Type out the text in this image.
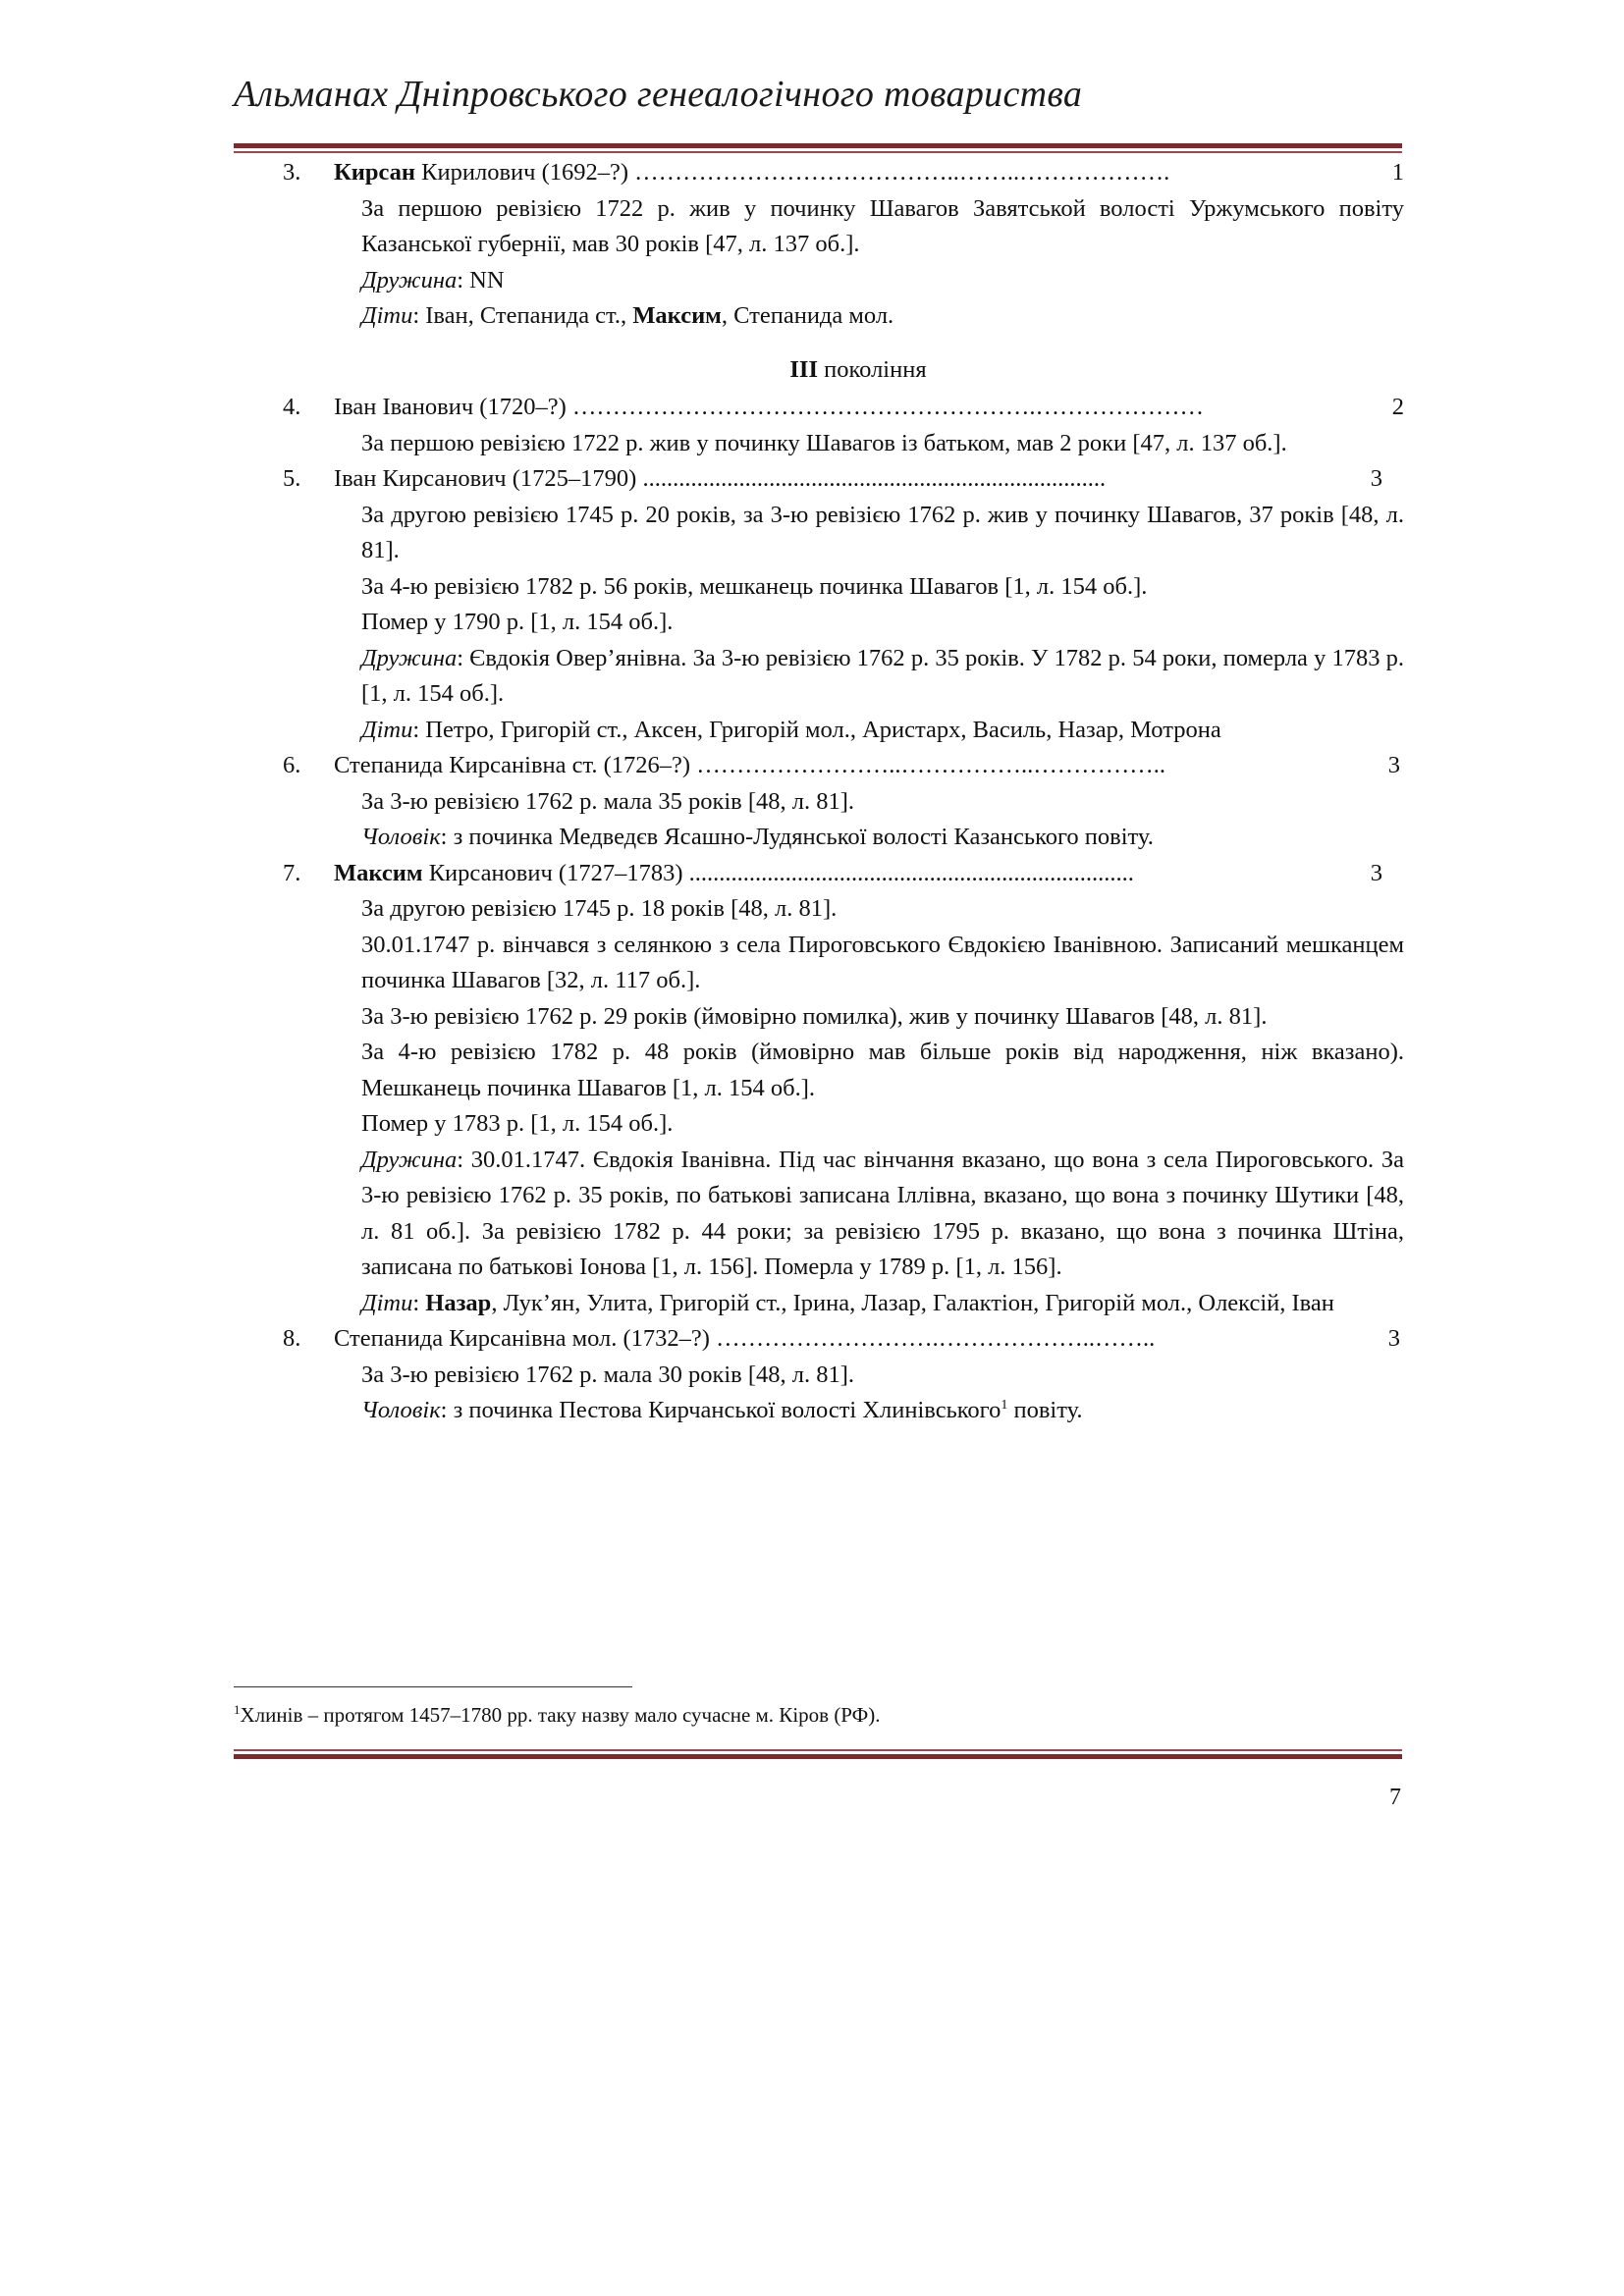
Альманах Дніпровського генеалогічного товариства
3. Кирсан Кирилович (1692–?) …………………………………..……..……………….	1
За першою ревізією 1722 р. жив у починку Шавагов Завятськой волості Уржумського повіту Казанської губернії, мав 30 років [47, л. 137 об.].
Дружина: NN
Діти: Іван, Степанида ст., Максим, Степанида мол.
III покоління
4. Іван Іванович (1720–?) ………………………………………………….…………………	2
За першою ревізією 1722 р. жив у починку Шавагов із батьком, мав 2 роки [47, л. 137 об.].
5. Іван Кирсанович (1725–1790) .............................................................................	3
За другою ревізією 1745 р. 20 років, за 3-ю ревізією 1762 р. жив у починку Шавагов, 37 років [48, л. 81].
За 4-ю ревізією 1782 р. 56 років, мешканець починка Шавагов [1, л. 154 об.].
Помер у 1790 р. [1, л. 154 об.].
Дружина: Євдокія Овер’янівна. За 3-ю ревізією 1762 р. 35 років. У 1782 р. 54 роки, померла у 1783 р. [1, л. 154 об.].
Діти: Петро, Григорій ст., Аксен, Григорій мол., Аристарх, Василь, Назар, Мотрона
6. Степанида Кирсанівна ст. (1726–?) ……………………..……………..……………..	3
За 3-ю ревізією 1762 р. мала 35 років [48, л. 81].
Чоловік: з починка Медведєв Ясашно-Лудянської волості Казанського повіту.
7. Максим Кирсанович (1727–1783) ..........................................................................	3
За другою ревізією 1745 р. 18 років [48, л. 81].
30.01.1747 р. вінчався з селянкою з села Пироговського Євдокією Іванівною. Записаний мешканцем починка Шавагов [32, л. 117 об.].
За 3-ю ревізією 1762 р. 29 років (ймовірно помилка), жив у починку Шавагов [48, л. 81].
За 4-ю ревізією 1782 р. 48 років (ймовірно мав більше років від народження, ніж вказано). Мешканець починка Шавагов [1, л. 154 об.].
Помер у 1783 р. [1, л. 154 об.].
Дружина: 30.01.1747. Євдокія Іванівна. Під час вінчання вказано, що вона з села Пироговського. За 3-ю ревізією 1762 р. 35 років, по батькові записана Іллівна, вказано, що вона з починку Шутики [48, л. 81 об.]. За ревізією 1782 р. 44 роки; за ревізією 1795 р. вказано, що вона з починка Штіна, записана по батькові Іонова [1, л. 156]. Померла у 1789 р. [1, л. 156].
Діти: Назар, Лук’ян, Улита, Григорій ст., Ірина, Лазар, Галактіон, Григорій мол., Олексій, Іван
8. Степанида Кирсанівна мол. (1732–?) ……………………….………………..……..	3
За 3-ю ревізією 1762 р. мала 30 років [48, л. 81].
Чоловік: з починка Пестова Кирчанської волості Хлинівського$^1$ повіту.
$^1$Хлинів – протягом 1457–1780 рр. таку назву мало сучасне м. Кіров (РФ).
7
